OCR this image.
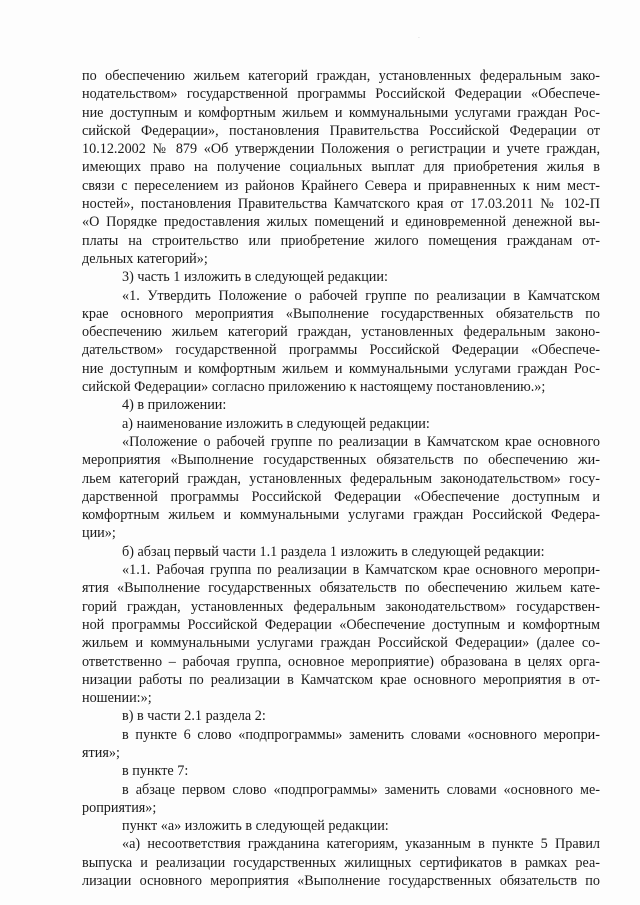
·
по обеспечению жильем категорий граждан, установленных федеральным зако-
нодательством» государственной программы Российской Федерации «Обеспече-
ние доступным и комфортным жильем и коммунальными услугами граждан Рос-
сийской Федерации», постановления Правительства Российской Федерации от
10.12.2002 № 879 «Об утверждении Положения о регистрации и учете граждан,
имеющих право на получение социальных выплат для приобретения жилья в
связи с переселением из районов Крайнего Севера и приравненных к ним мест-
ностей», постановления Правительства Камчатского края от 17.03.2011 № 102-П
«О Порядке предоставления жилых помещений и единовременной денежной вы-
платы на строительство или приобретение жилого помещения гражданам от-
дельных категорий»;
3) часть 1 изложить в следующей редакции:
«1. Утвердить Положение о рабочей группе по реализации в Камчатском
крае основного мероприятия «Выполнение государственных обязательств по
обеспечению жильем категорий граждан, установленных федеральным законо-
дательством» государственной программы Российской Федерации «Обеспече-
ние доступным и комфортным жильем и коммунальными услугами граждан Рос-
сийской Федерации» согласно приложению к настоящему постановлению.»;
4) в приложении:
а) наименование изложить в следующей редакции:
«Положение о рабочей группе по реализации в Камчатском крае основного
мероприятия «Выполнение государственных обязательств по обеспечению жи-
льем категорий граждан, установленных федеральным законодательством» госу-
дарственной программы Российской Федерации «Обеспечение доступным и
комфортным жильем и коммунальными услугами граждан Российской Федера-
ции»;
б) абзац первый части 1.1 раздела 1 изложить в следующей редакции:
«1.1. Рабочая группа по реализации в Камчатском крае основного меропри-
ятия «Выполнение государственных обязательств по обеспечению жильем кате-
горий граждан, установленных федеральным законодательством» государствен-
ной программы Российской Федерации «Обеспечение доступным и комфортным
жильем и коммунальными услугами граждан Российской Федерации» (далее со-
ответственно – рабочая группа, основное мероприятие) образована в целях орга-
низации работы по реализации в Камчатском крае основного мероприятия в от-
ношении:»;
в) в части 2.1 раздела 2:
в пункте 6 слово «подпрограммы» заменить словами «основного меропри-
ятия»;
в пункте 7:
в абзаце первом слово «подпрограммы» заменить словами «основного ме-
роприятия»;
пункт «а» изложить в следующей редакции:
«а) несоответствия гражданина категориям, указанным в пункте 5 Правил
выпуска и реализации государственных жилищных сертификатов в рамках реа-
лизации основного мероприятия «Выполнение государственных обязательств по
